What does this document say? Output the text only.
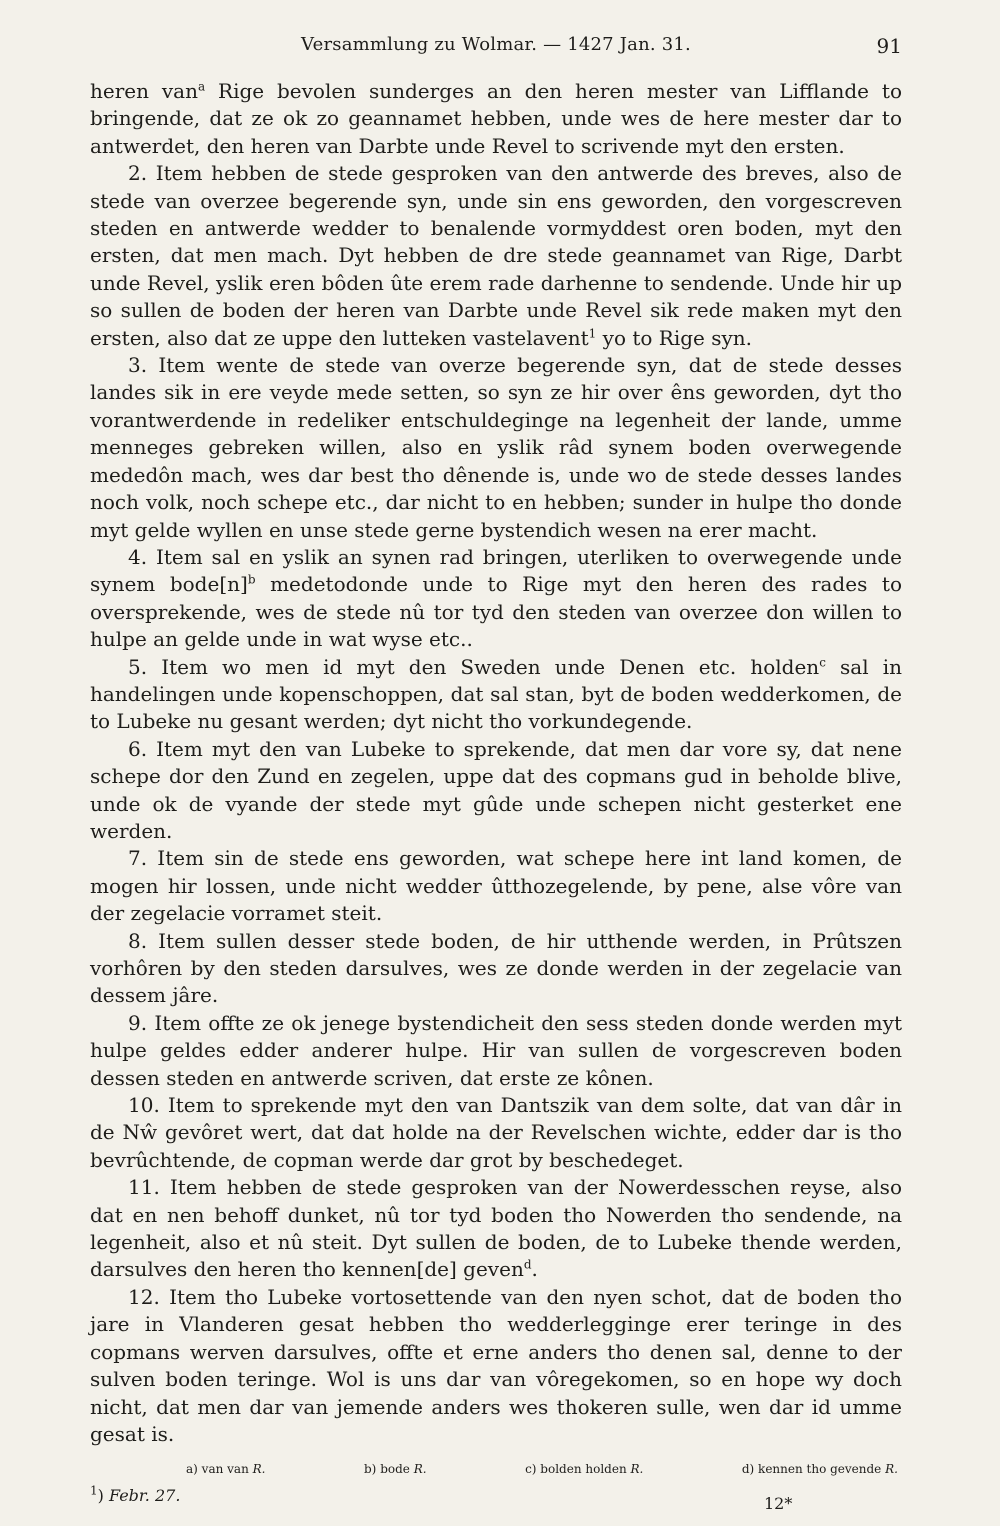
Versammlung zu Wolmar. — 1427 Jan. 31.	91

heren van$^a$ Rige bevolen sunderges an den heren mester van Lifflande to bringende, dat ze ok zo geannamet hebben, unde wes de here mester dar to antwerdet, den heren van Darbte unde Revel to scrivende myt den ersten.

2. Item hebben de stede gesproken van den antwerde des breves, also de stede van overzee begerende syn, unde sin ens geworden, den vorgescreven steden en antwerde wedder to benalende vormyddest oren boden, myt den ersten, dat men mach. Dyt hebben de dre stede geannamet van Rige, Darbt unde Revel, yslik eren bôden ûte erem rade darhenne to sendende. Unde hir up so sullen de boden der heren van Darbte unde Revel sik rede maken myt den ersten, also dat ze uppe den lutteken vastelavent$^1$ yo to Rige syn.

3. Item wente de stede van overze begerende syn, dat de stede desses landes sik in ere veyde mede setten, so syn ze hir over êns geworden, dyt tho vorantwerdende in redeliker entschuldeginge na legenheit der lande, umme menneges gebreken willen, also en yslik râd synem boden overwegende mededôn mach, wes dar best tho dênende is, unde wo de stede desses landes noch volk, noch schepe etc., dar nicht to en hebben; sunder in hulpe tho donde myt gelde wyllen en unse stede gerne bystendich wesen na erer macht.

4. Item sal en yslik an synen rad bringen, uterliken to overwegende unde synem $bode[n]^b$ medetodonde unde to Rige myt den heren des rades to oversprekende, wes de stede nû tor tyd den steden van overzee don willen to hulpe an gelde unde in wat wyse etc..

5. Item wo men id myt den Sweden unde Denen etc. holden$^c$ sal in handelingen unde kopenschoppen, dat sal stan, byt de boden wedderkomen, de to Lubeke nu gesant werden; dyt nicht tho vorkundegende.

6. Item myt den van Lubeke to sprekende, dat men dar vore sy, dat nene schepe dor den Zund en zegelen, uppe dat des copmans gud in beholde blive, unde ok de vyande der stede myt gûde unde schepen nicht gesterket ene werden.

7. Item sin de stede ens geworden, wat schepe here int land komen, de mogen hir lossen, unde nicht wedder ûtthozegelende, by pene, alse vôre van der zegelacie vorramet steit.

8. Item sullen desser stede boden, de hir utthende werden, in Prûtszen vorhôren by den steden darsulves, wes ze donde werden in der zegelacie van dessem jâre.

9. Item offte ze ok jenege bystendicheit den sess steden donde werden myt hulpe geldes edder anderer hulpe. Hir van sullen de vorgescreven boden dessen steden en antwerde scriven, dat erste ze kônen.

10. Item to sprekende myt den van Dantszik van dem solte, dat van dâr in de Nŵ gevôret wert, dat dat holde na der Revelschen wichte, edder dar is tho bevrûchtende, de copman werde dar grot by beschedeget.

11. Item hebben de stede gesproken van der Nowerdesschen reyse, also dat en nen behoff dunket, nû tor tyd boden tho Nowerden tho sendende, na legenheit, also et nû steit. Dyt sullen de boden, de to Lubeke thende werden, darsulves den heren tho kennen[de] geven$^d$.

12. Item tho Lubeke vortosettende van den nyen schot, dat de boden tho jare in Vlanderen gesat hebben tho wedderlegginge erer teringe in des copmans werven darsulves, offte et erne anders tho denen sal, denne to der sulven boden teringe. Wol is uns dar van vôregekomen, so en hope wy doch nicht, dat men dar van jemende anders wes thokeren sulle, wen dar id umme gesat is.

a) van van R.	b) bode R.	c) bolden holden R.	d) kennen tho gevende R.
$^1$) Febr. 27.	12*
